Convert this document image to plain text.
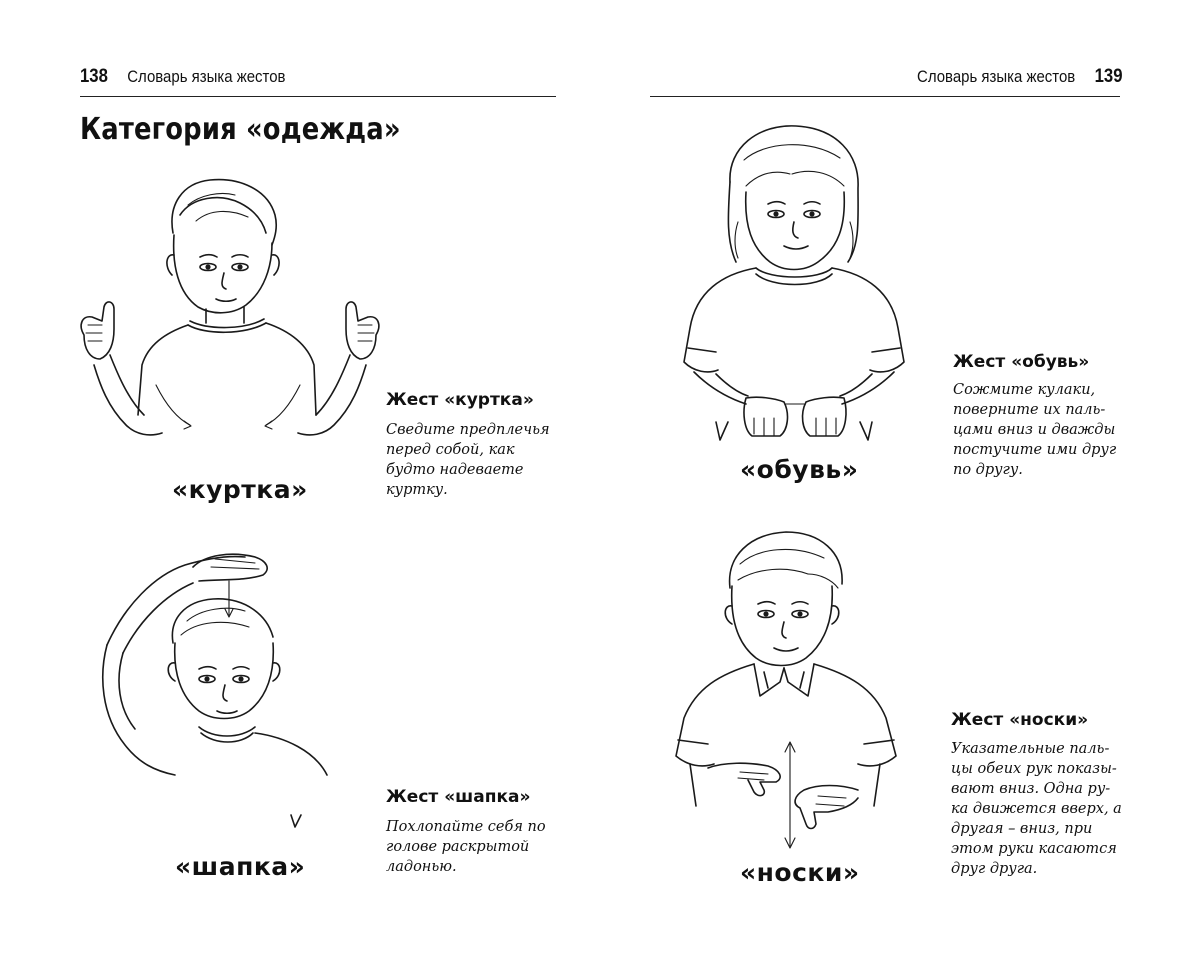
138 Словарь языка жестов	Словарь языка жестов 139
Категория «одежда»
«куртка»
Жест «куртка»

Сведите предплечья
перед собой, как
будто надеваете
куртку.

«шапка»
Жест «шапка»

Похлопайте себя по
голове раскрытой
ладонью.

«обувь»
Жест «обувь»

Сожмите кулаки,
поверните их паль-
цами вниз и дважды
постучите ими друг
по другу.

«носки»
Жест «носки»

Указательные паль-
цы обеих рук показы-
вают вниз. Одна ру-
ка движется вверх, а
другая – вниз, при
этом руки касаются
друг друга.
